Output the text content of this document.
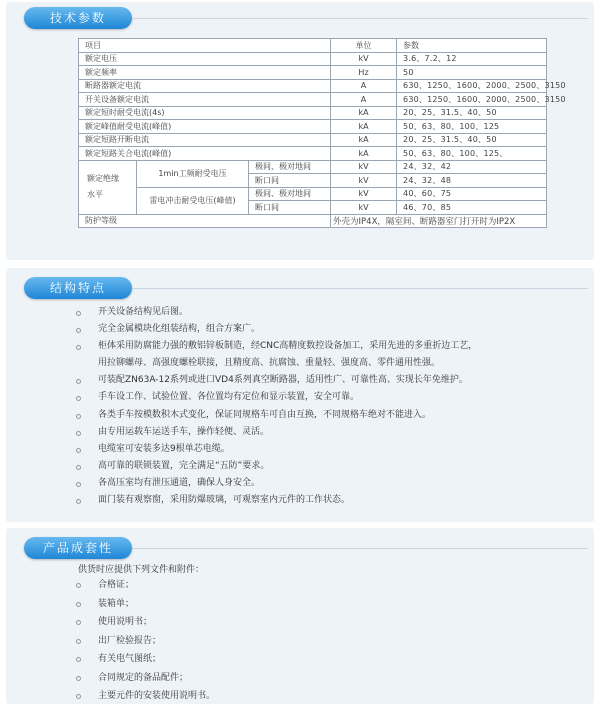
技术参数
项目			单位	参数
额定电压			kV	3.6、7.2、12
额定频率			Hz	50
断路器额定电流			A	630、1250、1600、2000、2500、3150
开关设备额定电流			A	630、1250、1600、2000、2500、3150
额定短时耐受电流(4s)			kA	20、25、31.5、40、50
额定峰值耐受电流(峰值)			kA	50、63、80、100、125
额定短路开断电流			kA	20、25、31.5、40、50
额定短路关合电流(峰值)			kA	50、63、80、100、125、
额定绝缘
水平	1min工频耐受电压	极间、极对地间	kV	24、32、42
		断口间	kV	24、32、48
	雷电冲击耐受电压(峰值)	极间、极对地间	kV	40、60、75
		断口间	kV	46、70、85
防护等级			外壳为IP4X，隔室间、断路器室门打开时为IP2X	
结构特点
开关设备结构见后图。
完全金属模块化组装结构，组合方案广。
柜体采用防腐能力强的敷铝锌板制造，经CNC高精度数控设备加工，采用先进的多重折边工艺，
用拉铆螺母、高强度螺栓联接，且精度高、抗腐蚀、重量轻、强度高、零件通用性强。
可装配ZN63A-12系列或进口VD4系列真空断路器，适用性广、可靠性高、实现长年免维护。
手车设工作、试验位置、各位置均有定位和显示装置，安全可靠。
各类手车按模数积木式变化，保证同规格车可自由互换，不同规格车绝对不能进入。
由专用运载车运送手车，操作轻便、灵活。
电缆室可安装多达9根单芯电缆。
高可靠的联锁装置，完全满足“五防”要求。
各高压室均有泄压通道，确保人身安全。
面门装有观察窗，采用防爆玻璃，可观察室内元件的工作状态。
产品成套性
供货时应提供下列文件和附件：
合格证；
装箱单；
使用说明书；
出厂检验报告；
有关电气图纸；
合同规定的备品配件；
主要元件的安装使用说明书。
